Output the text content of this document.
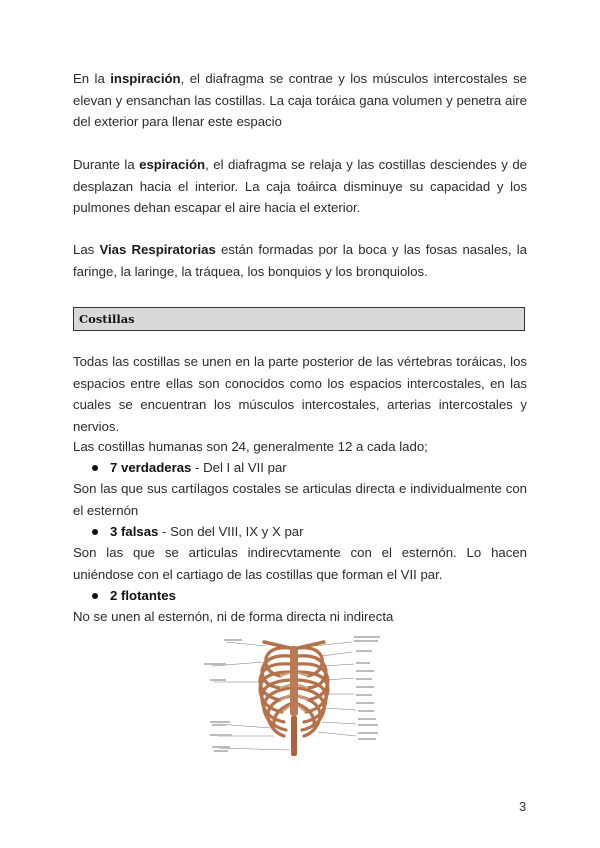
En la inspiración, el diafragma se contrae y los músculos intercostales se elevan y ensanchan las costillas. La caja toráica gana volumen y penetra aire del exterior para llenar este espacio

Durante la espiración, el diafragma se relaja y las costillas desciendes y de desplazan hacia el interior. La caja toáirca disminuye su capacidad y los pulmones dehan escapar el aire hacia el exterior.

Las Vias Respiratorias están formadas por la boca y las fosas nasales, la faringe, la laringe, la tráquea, los bonquios y los bronquiolos.

Costillas

Todas las costillas se unen en la parte posterior de las vértebras toráicas, los espacios entre ellas son conocidos como los espacios intercostales, en las cuales se encuentran los músculos intercostales, arterias intercostales y nervios.

Las costillas humanas son 24, generalmente 12 a cada lado;

7 verdaderas - Del I al VII par

Son las que sus cartílagos costales se articulas directa e individualmente con el esternón

3 falsas - Son del VIII, IX y X par

Son las que se articulas indirecvtamente con el esternón. Lo hacen uniéndose con el cartiago de las costillas que forman el VII par.

2 flotantes

No se unen al esternón, ni de forma directa ni indirecta

3
